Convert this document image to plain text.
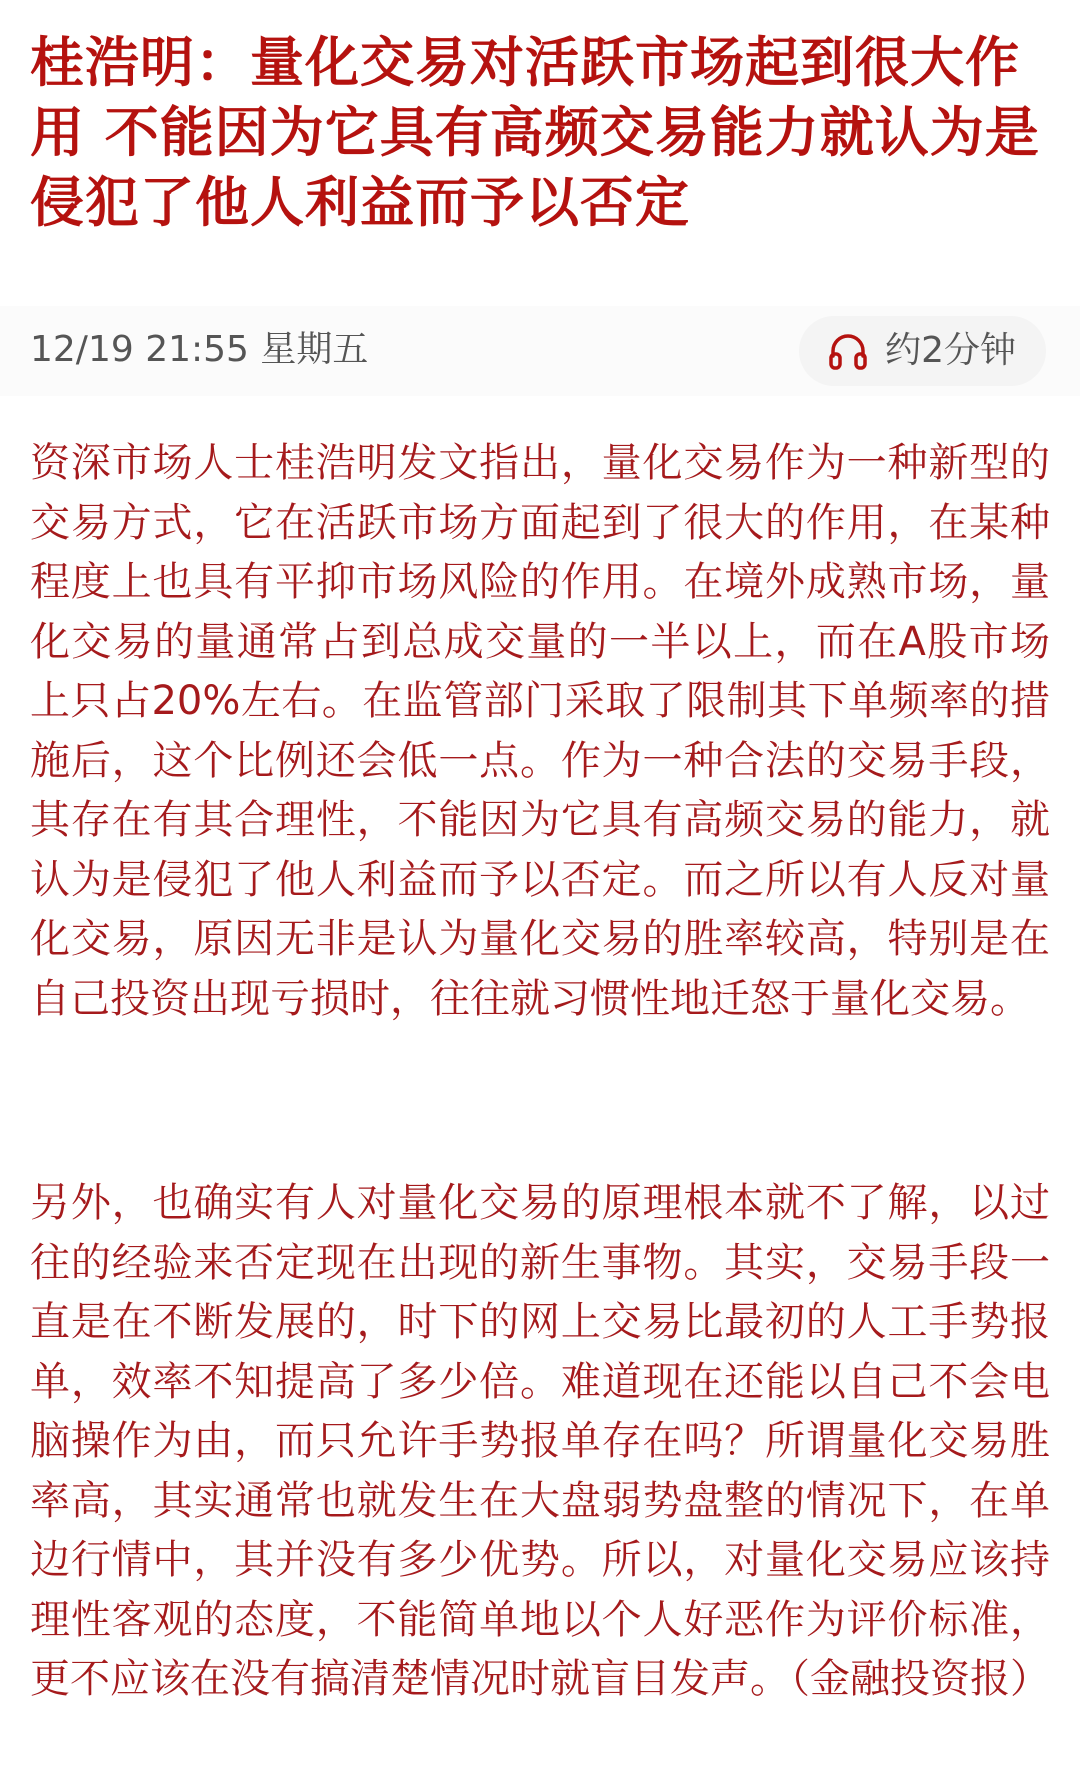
桂浩明：量化交易对活跃市场起到很大作用 不能因为它具有高频交易能力就认为是侵犯了他人利益而予以否定
12/19 21:55 星期五	约2分钟

资深市场人士桂浩明发文指出，量化交易作为一种新型的交易方式，它在活跃市场方面起到了很大的作用，在某种程度上也具有平抑市场风险的作用。在境外成熟市场，量化交易的量通常占到总成交量的一半以上，而在A股市场上只占20%左右。在监管部门采取了限制其下单频率的措施后，这个比例还会低一点。作为一种合法的交易手段，其存在有其合理性，不能因为它具有高频交易的能力，就认为是侵犯了他人利益而予以否定。而之所以有人反对量化交易，原因无非是认为量化交易的胜率较高，特别是在自己投资出现亏损时，往往就习惯性地迁怒于量化交易。

另外，也确实有人对量化交易的原理根本就不了解，以过往的经验来否定现在出现的新生事物。其实，交易手段一直是在不断发展的，时下的网上交易比最初的人工手势报单，效率不知提高了多少倍。难道现在还能以自己不会电脑操作为由，而只允许手势报单存在吗？所谓量化交易胜率高，其实通常也就发生在大盘弱势盘整的情况下，在单边行情中，其并没有多少优势。所以，对量化交易应该持理性客观的态度，不能简单地以个人好恶作为评价标准，更不应该在没有搞清楚情况时就盲目发声。（金融投资报）
